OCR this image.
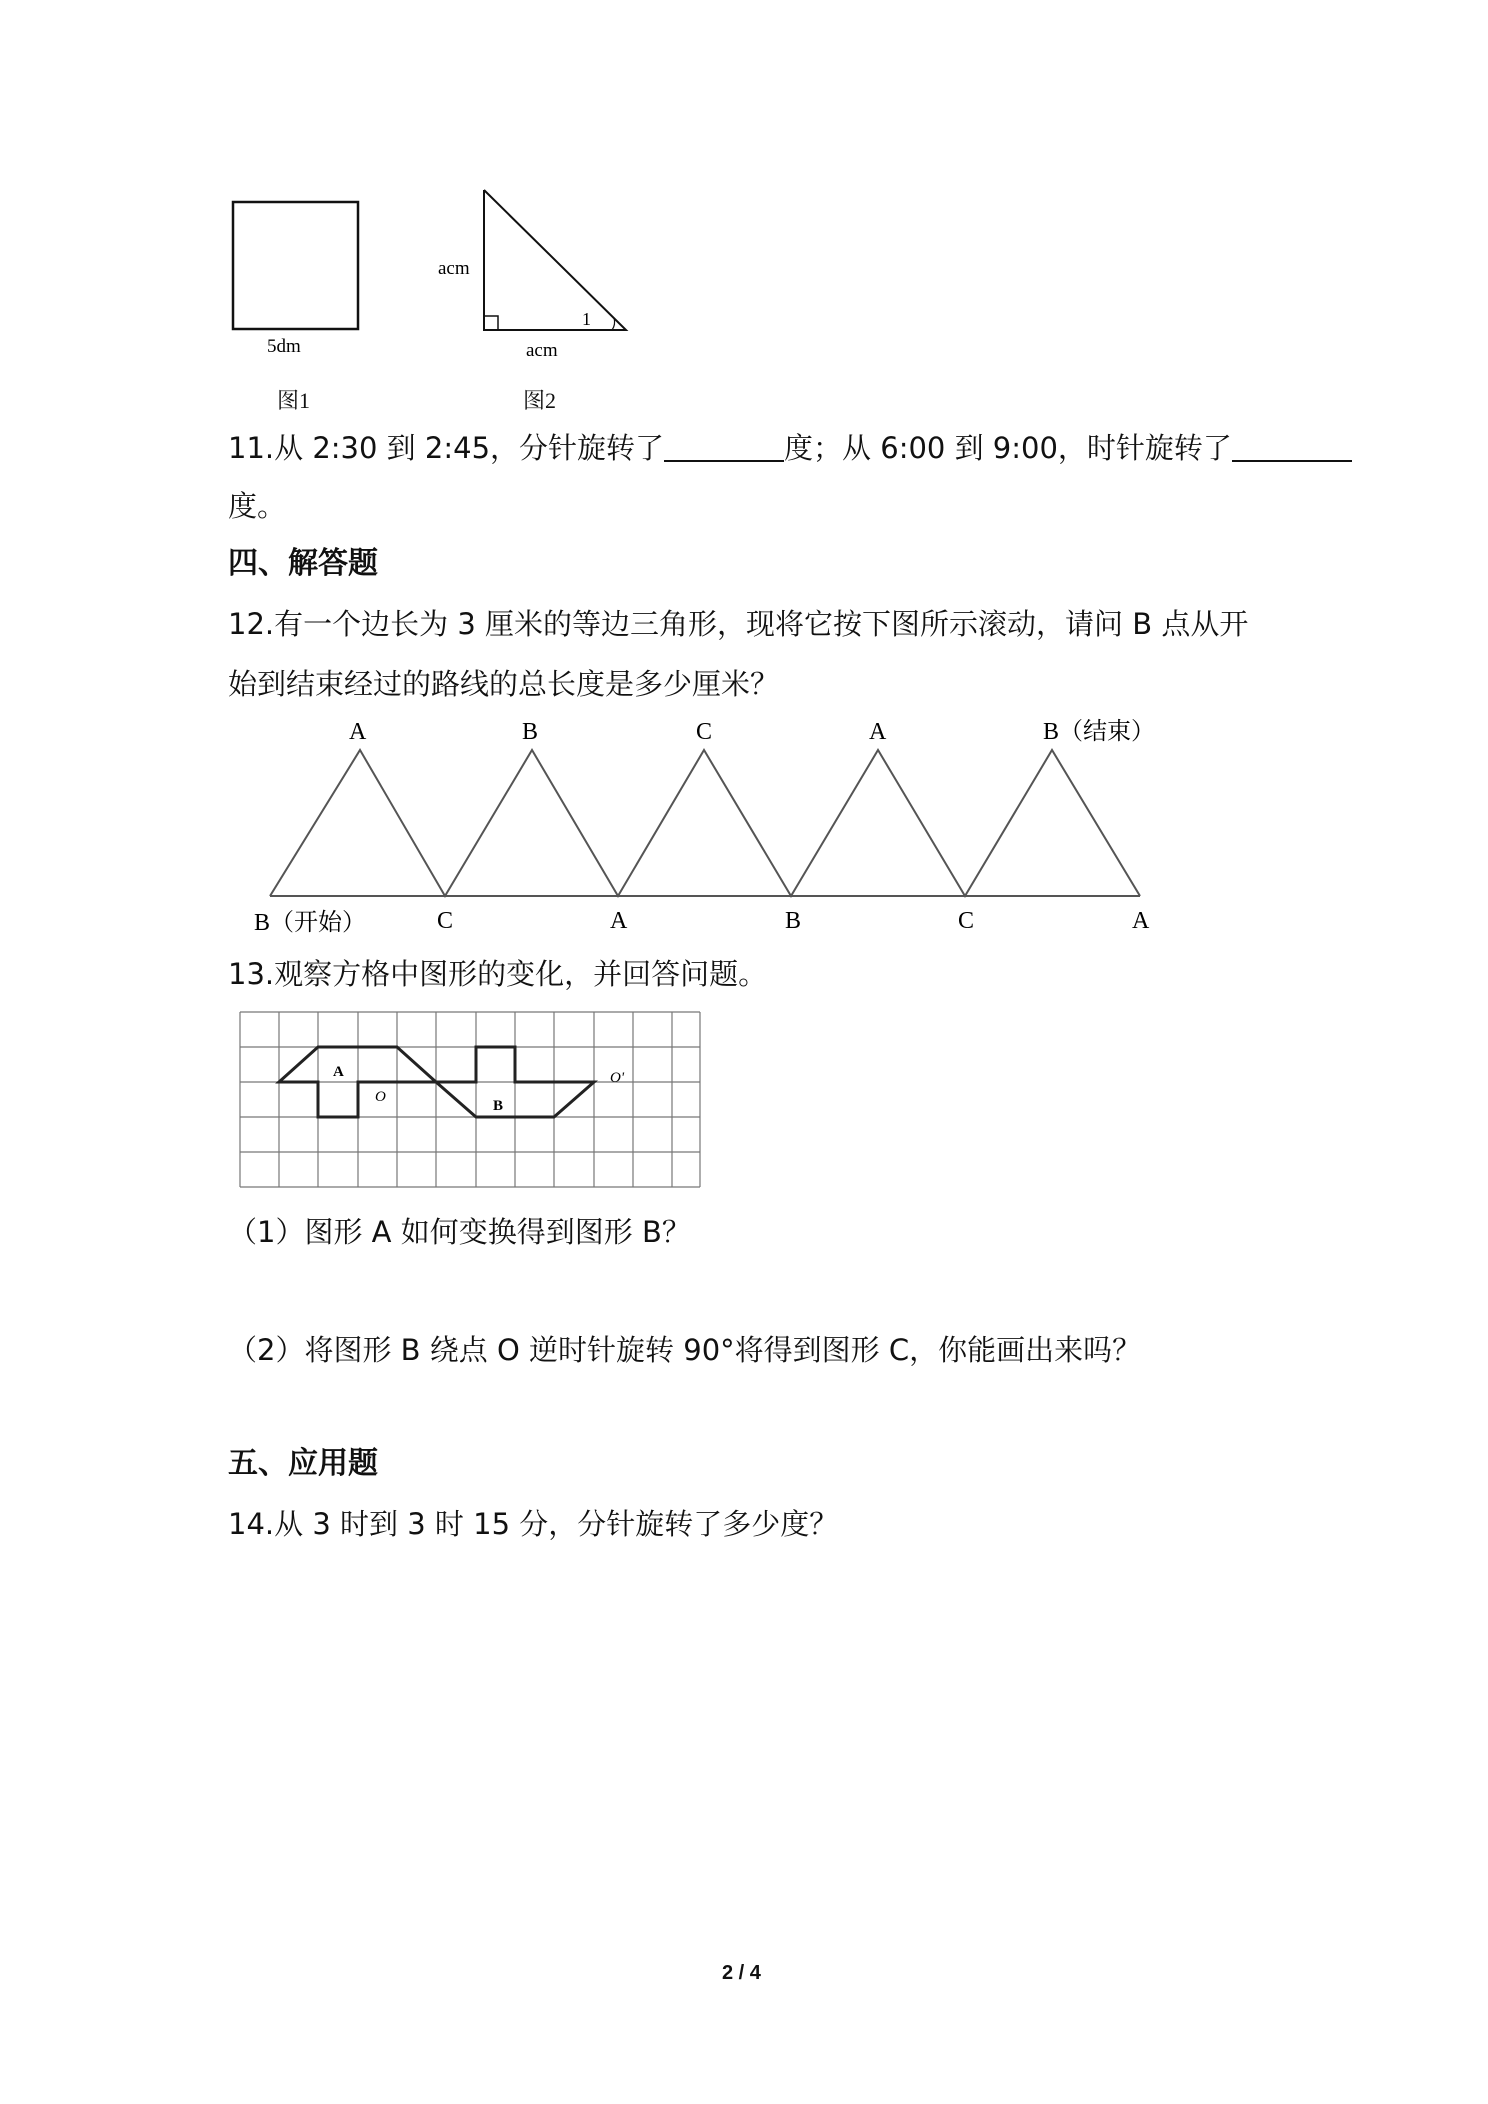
5dm
图1
acm
1
acm
图2
11.从 2:30 到 2:45，分针旋转了	度；从 6:00 到 9:00，时针旋转了
度。
四、解答题
12.有一个边长为 3 厘米的等边三角形，现将它按下图所示滚动，请问 B 点从开
始到结束经过的路线的总长度是多少厘米？
A	B	C	A	B（结束）
B（开始）	C	A	B	C	A
13.观察方格中图形的变化，并回答问题。
A
B
O
O'
（1）图形 A 如何变换得到图形 B？
（2）将图形 B 绕点 O 逆时针旋转 90°将得到图形 C，你能画出来吗？
五、应用题
14.从 3 时到 3 时 15 分，分针旋转了多少度？
2 / 4
